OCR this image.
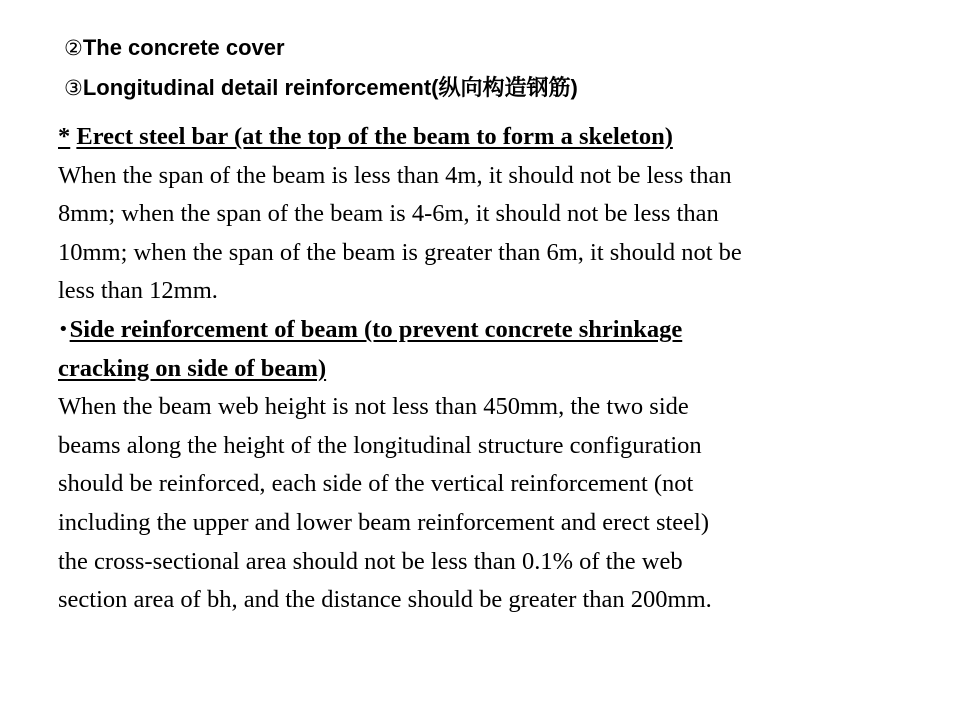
②The concrete cover
③Longitudinal detail reinforcement(纵向构造钢筋)
* Erect steel bar (at the top of the beam to form a skeleton)
When the span of the beam is less than 4m, it should not be less than
8mm; when the span of the beam is 4-6m, it should not be less than
10mm; when the span of the beam is greater than 6m, it should not be
less than 12mm.
•Side reinforcement of beam (to prevent concrete shrinkage
cracking on side of beam)
When the beam web height is not less than 450mm, the two side
beams along the height of the longitudinal structure configuration
should be reinforced, each side of the vertical reinforcement (not
including the upper and lower beam reinforcement and erect steel)
the cross-sectional area should not be less than 0.1% of the web
section area of bh, and the distance should be greater than 200mm.
